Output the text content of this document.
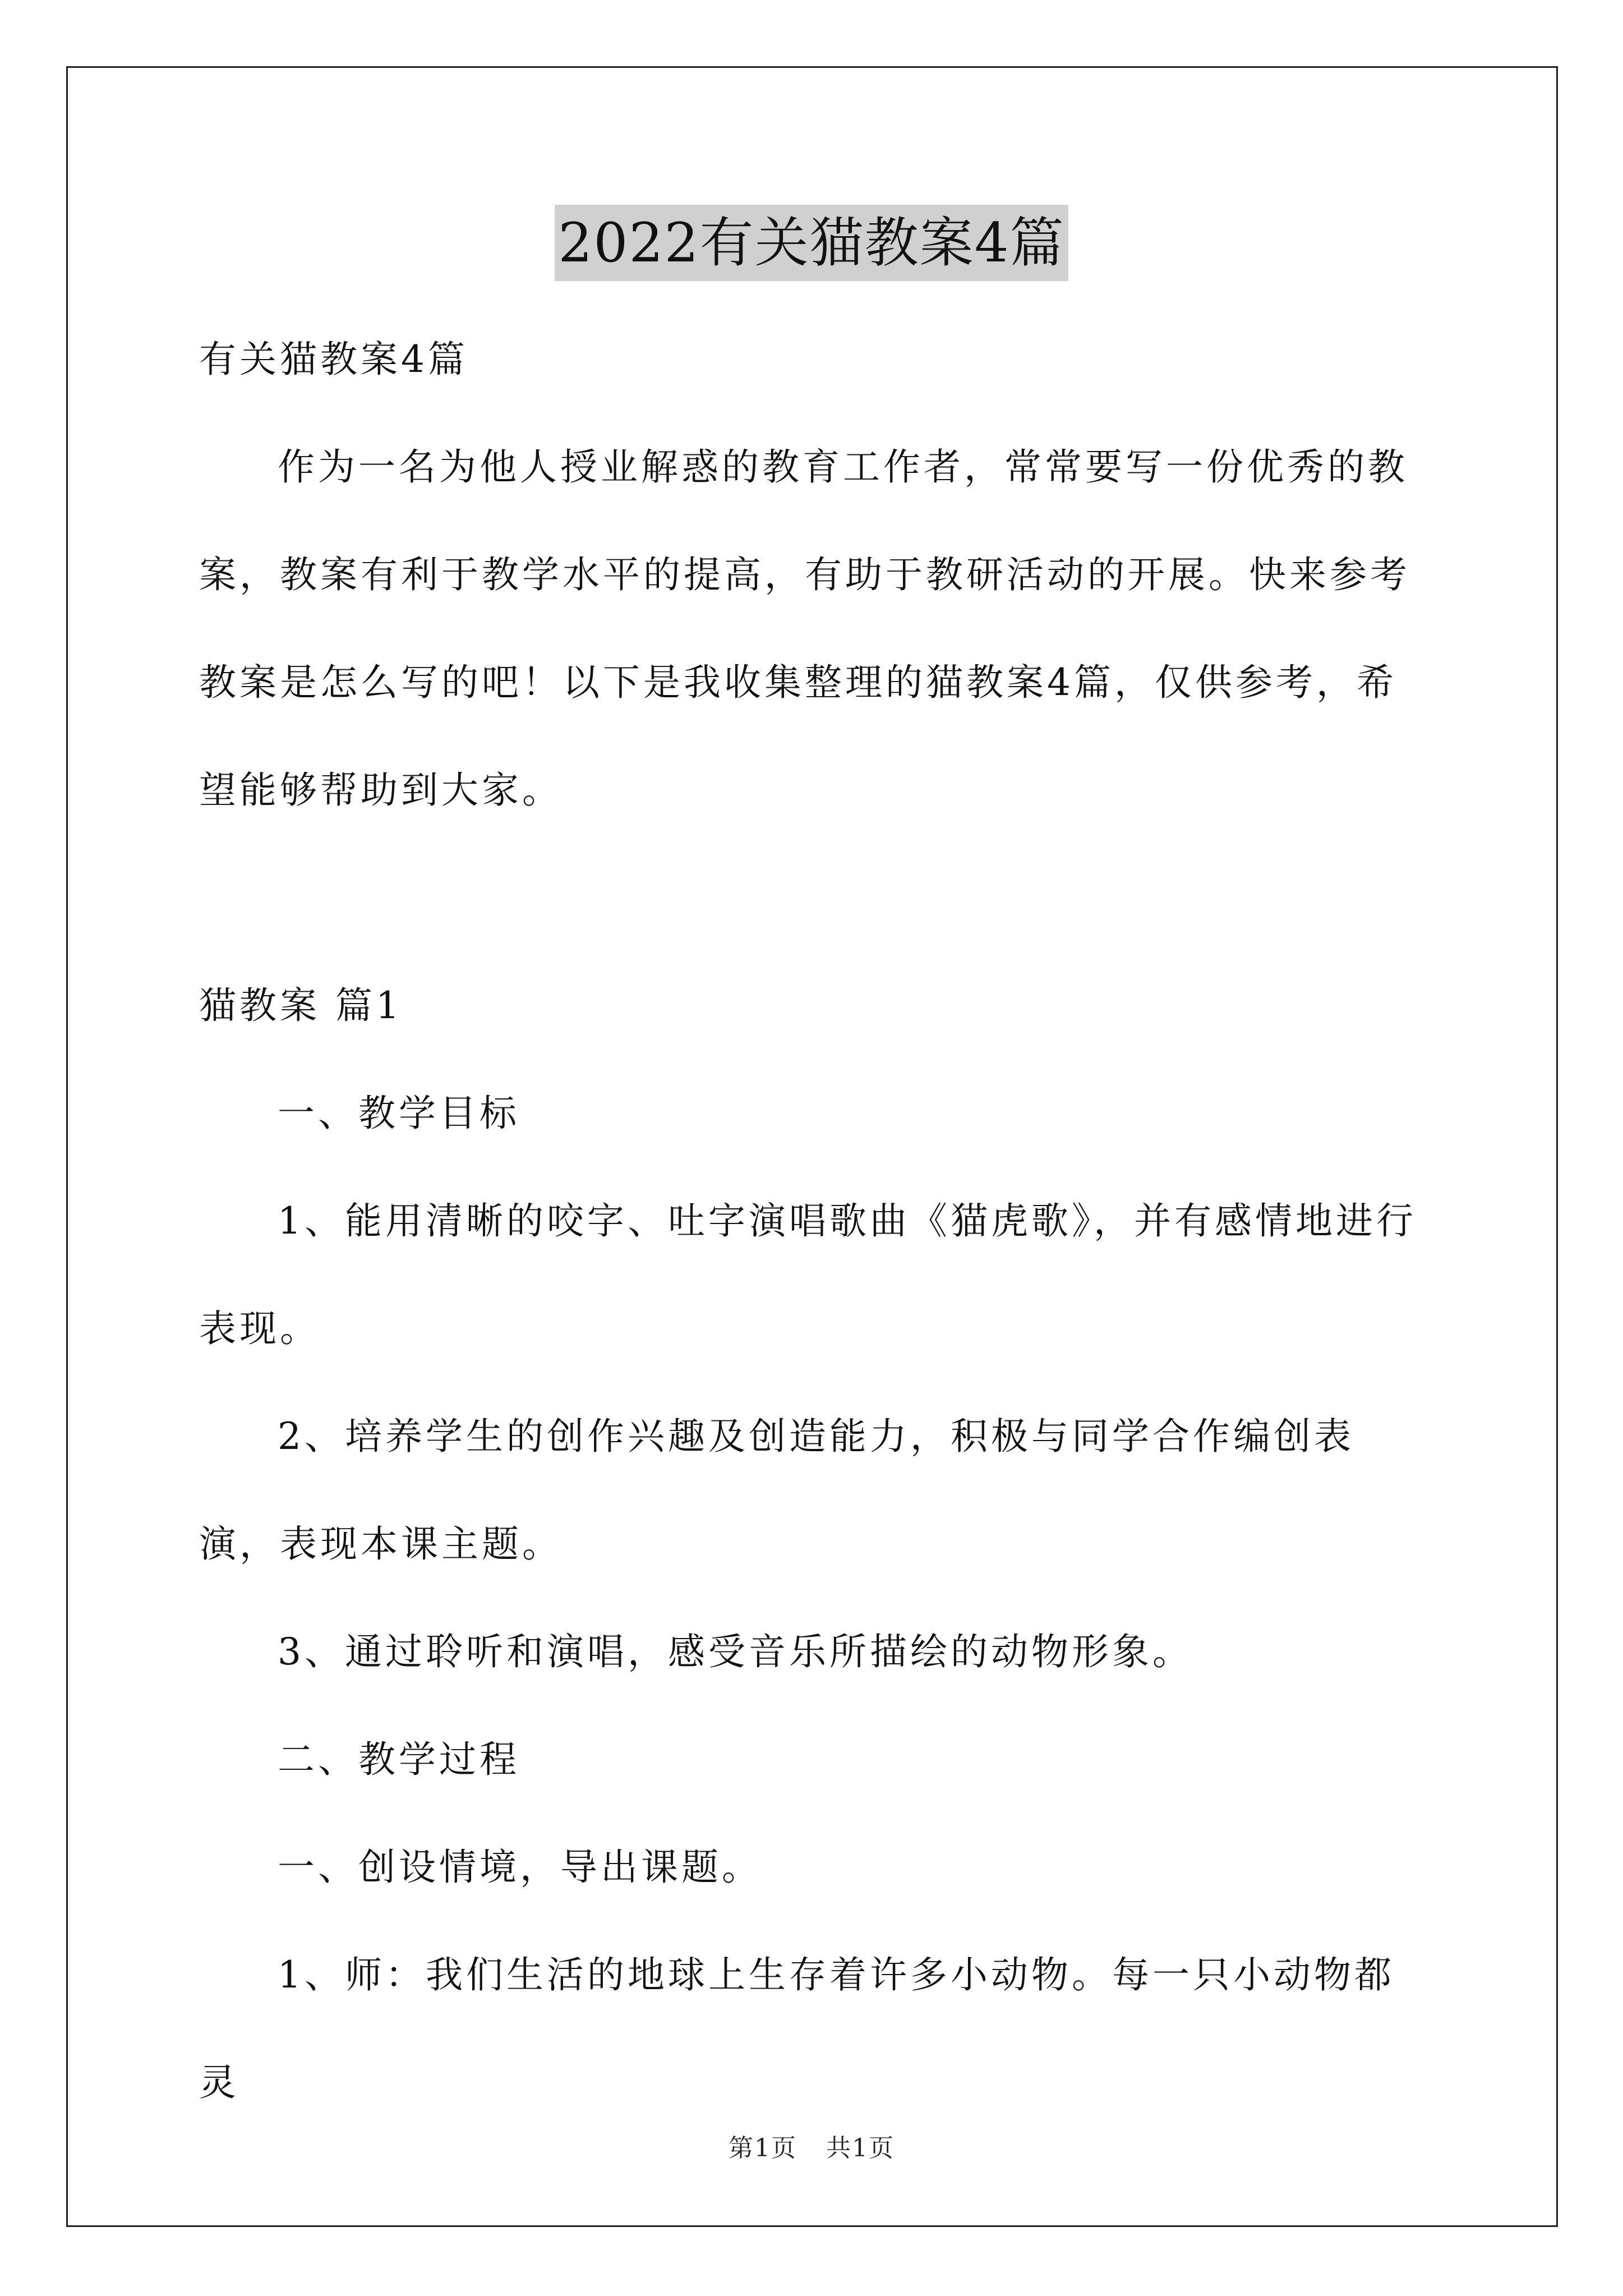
2022有关猫教案4篇

有关猫教案4篇

作为一名为他人授业解惑的教育工作者，常常要写一份优秀的教案，教案有利于教学水平的提高，有助于教研活动的开展。快来参考教案是怎么写的吧！以下是我收集整理的猫教案4篇，仅供参考，希望能够帮助到大家。

猫教案 篇1

一、教学目标

1、能用清晰的咬字、吐字演唱歌曲《猫虎歌》，并有感情地进行表现。

2、培养学生的创作兴趣及创造能力，积极与同学合作编创表演，表现本课主题。

3、通过聆听和演唱，感受音乐所描绘的动物形象。

二、教学过程

一、创设情境，导出课题。

1、师：我们生活的地球上生存着许多小动物。每一只小动物都灵

第1页 共1页
